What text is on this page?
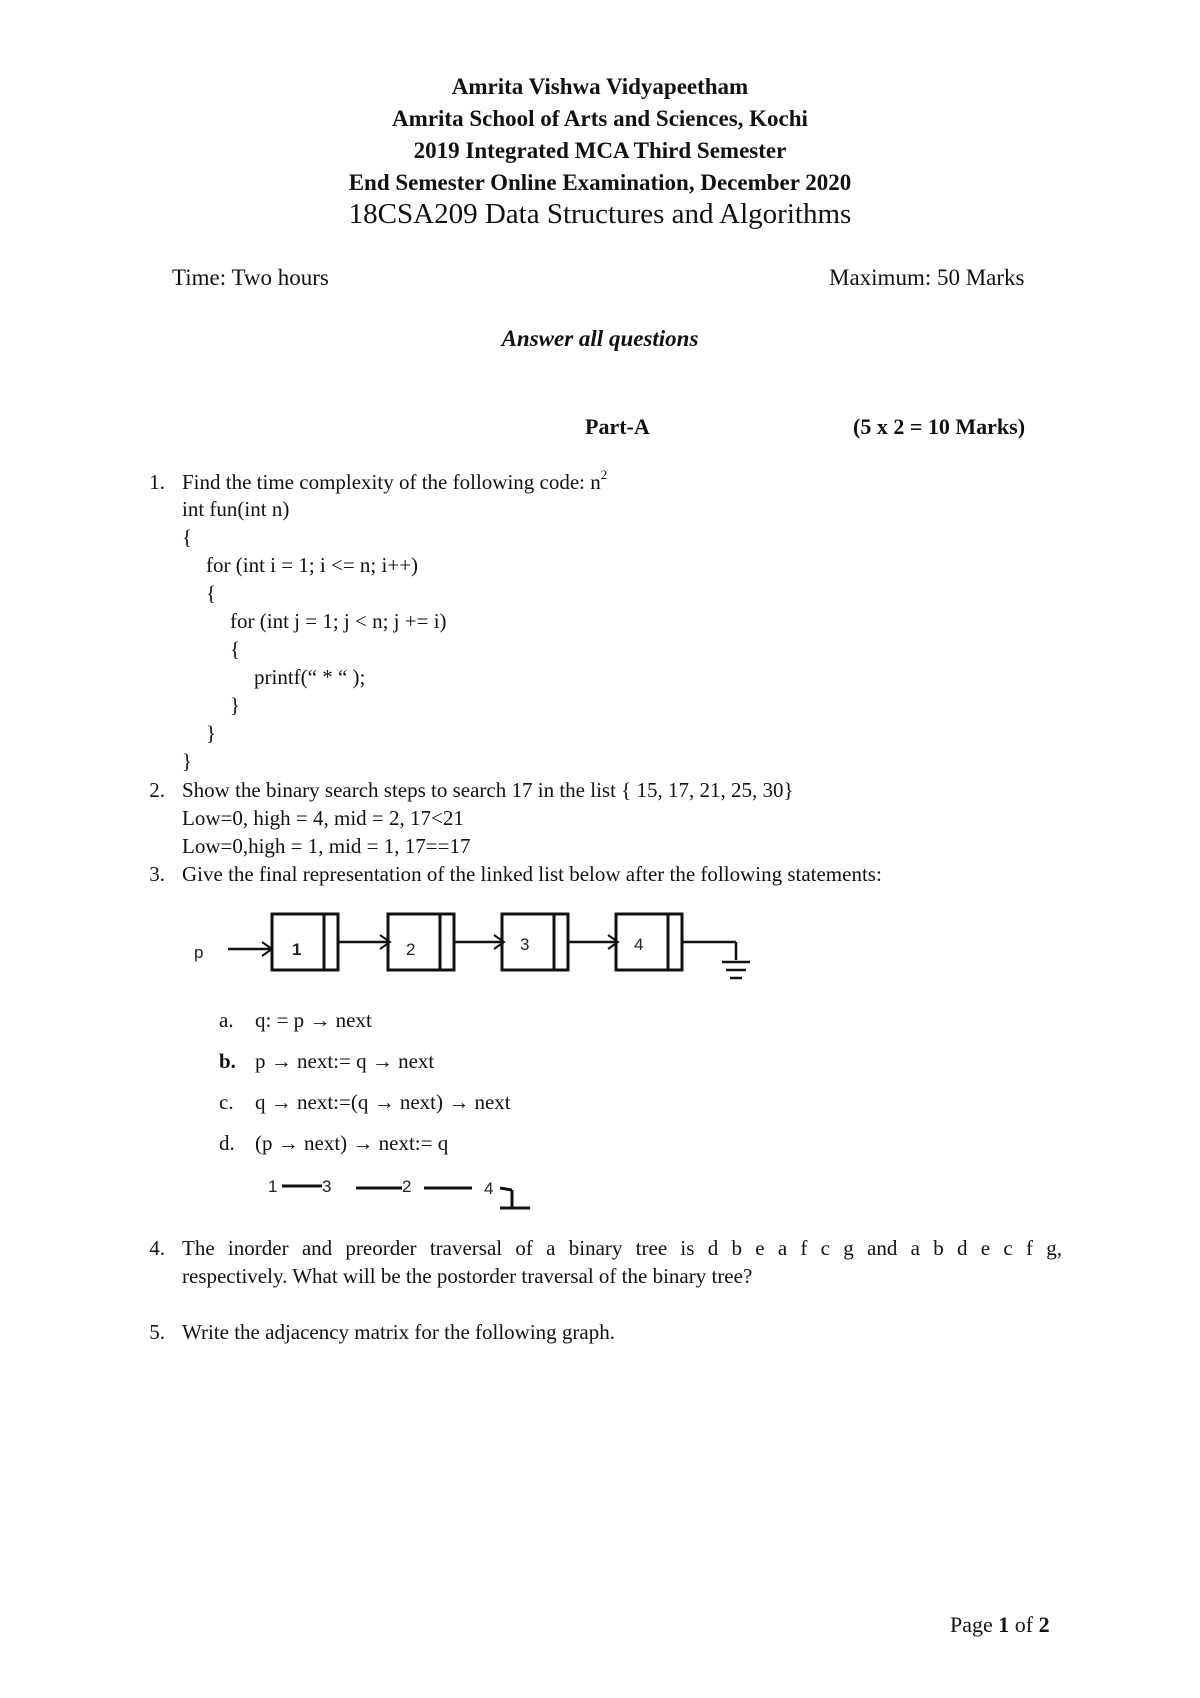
Amrita Vishwa Vidyapeetham
Amrita School of Arts and Sciences, Kochi
2019 Integrated MCA Third Semester
End Semester Online Examination, December 2020
18CSA209 Data Structures and Algorithms
Time: Two hours	Maximum: 50 Marks
Answer all questions
Part-A	(5 x 2 = 10 Marks)
1. Find the time complexity of the following code: $n^2$
int fun(int n)
{
for (int i = 1; i <= n; i++)
{
for (int j = 1; j < n; j += i)
{
printf(“ * “ );
}
}
}
2. Show the binary search steps to search 17 in the list { 15, 17, 21, 25, 30}
Low=0, high = 4, mid = 2, 17<21
Low=0,high = 1, mid = 1, 17==17
3. Give the final representation of the linked list below after the following statements:
p	1	2	3	4
a.	q: = p → next
b. p → next:= q → next
c.	q → next:=(q → next) → next
d. (p → next) → next:= q
1	3	2	4
4. The inorder and preorder traversal of a binary tree is d b e a f c g and a b d e c f g,
respectively. What will be the postorder traversal of the binary tree?
5. Write the adjacency matrix for the following graph.
Page 1 of 2
